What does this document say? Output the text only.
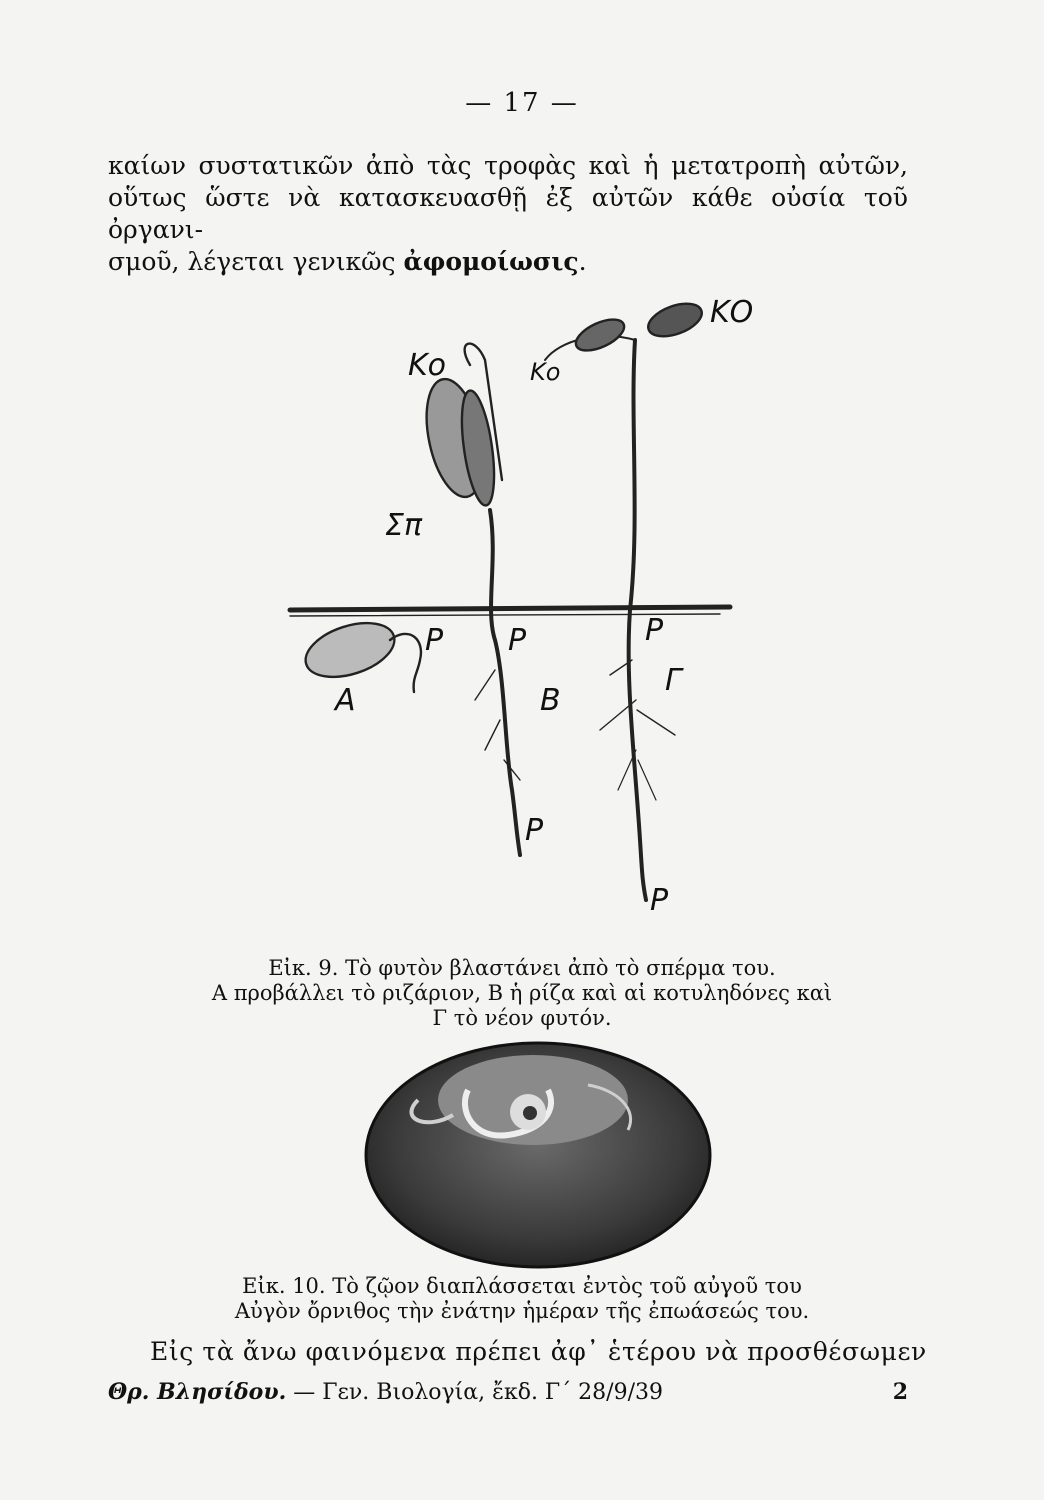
— 17 —
καίων συστατικῶν ἀπὸ τὰς τροφὰς καὶ ἡ μετατροπὴ αὐτῶν,
οὕτως ὥστε νὰ κατασκευασθῇ ἐξ αὐτῶν κάθε οὐσία τοῦ ὀργανι-
σμοῦ, λέγεται γενικῶς ἀφομοίωσις.
Κο	Κο
ΚΟ
Σπ
Ρ Ρ	Ρ
Ρ
Ρ
Α	Β
Γ
Εἰκ. 9. Τὸ φυτὸν βλαστάνει ἀπὸ τὸ σπέρμα του.
Α προβάλλει τὸ ριζάριον, Β ἡ ρίζα καὶ αἱ κοτυληδόνες καὶ
Γ τὸ νέον φυτόν.
Εἰκ. 10. Τὸ ζῷον διαπλάσσεται ἐντὸς τοῦ αὐγοῦ του
Αὐγὸν ὄρνιθος τὴν ἐνάτην ἡμέραν τῆς ἐπωάσεώς του.
Εἰς τὰ ἄνω φαινόμενα πρέπει ἀφ᾽ ἑτέρου νὰ προσθέσωμεν
Θρ. Βλησίδου. — Γεν. Βιολογία, ἔκδ. Γ´ 28/9/39	2
